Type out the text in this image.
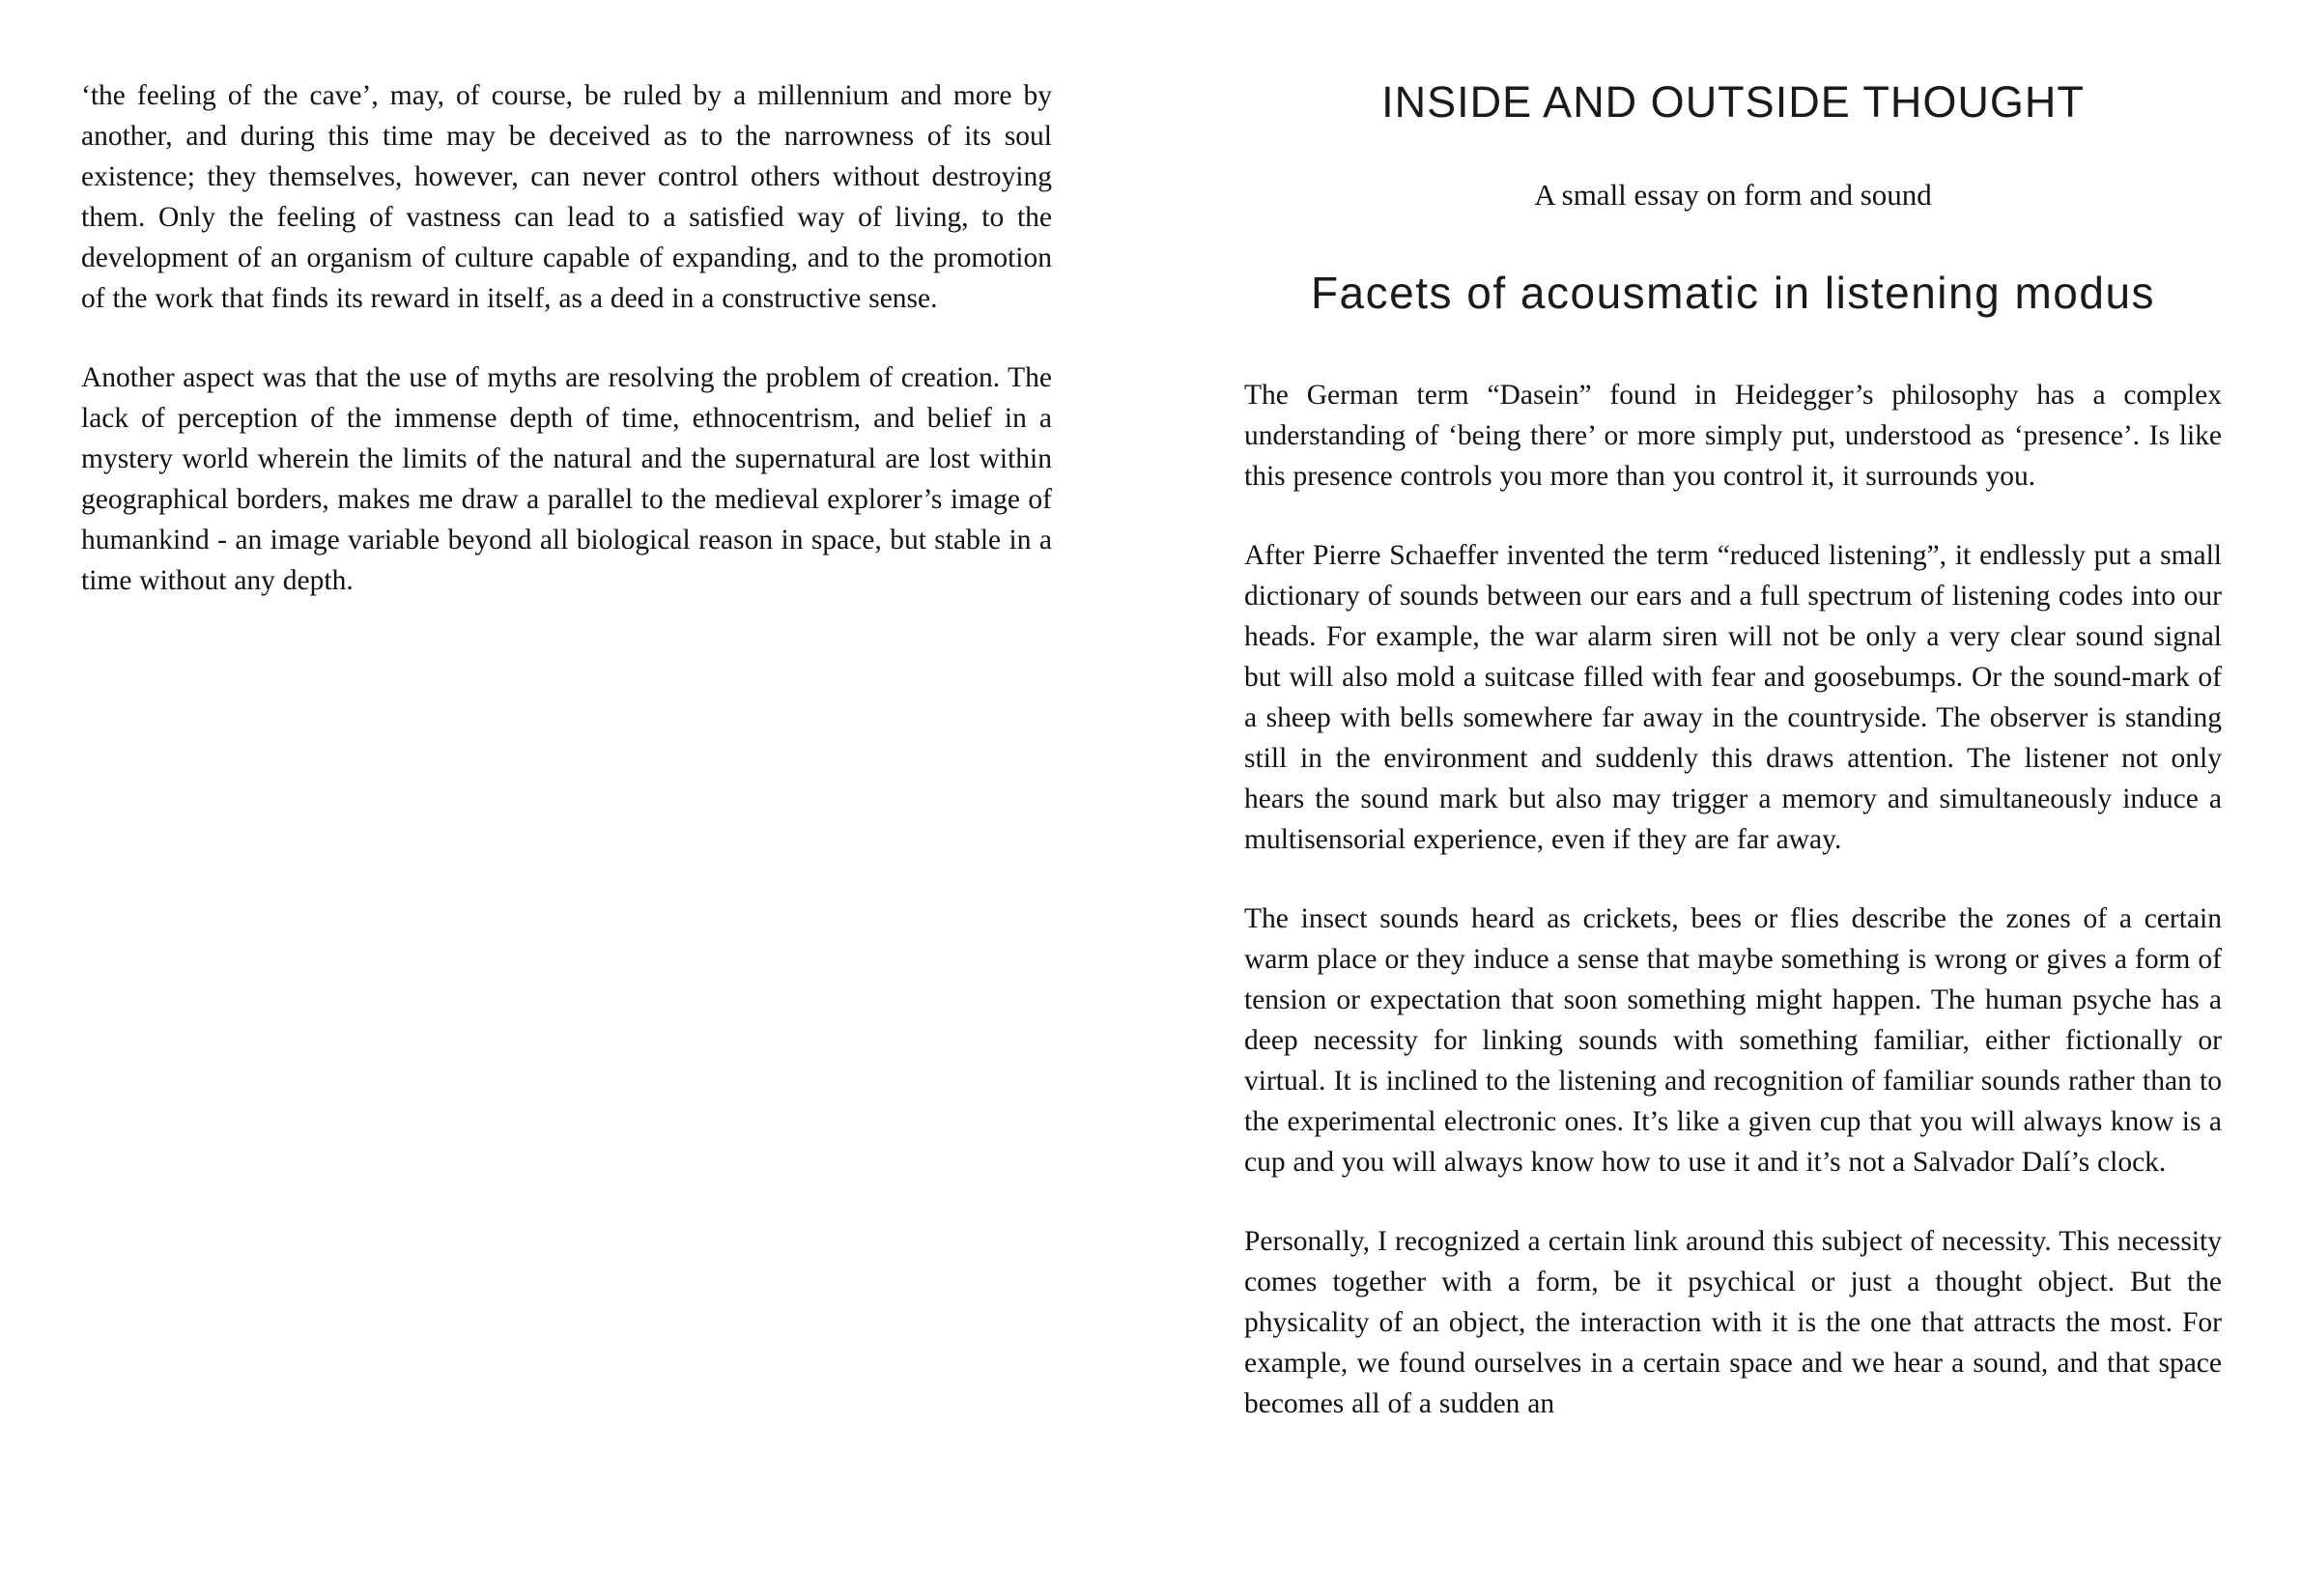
‘the feeling of the cave’, may, of course, be ruled by a millennium and more by another, and during this time may be deceived as to the narrowness of its soul existence; they themselves, however, can never control others without destroying them. Only the feeling of vastness can lead to a satisfied way of living, to the development of an organism of culture capable of expanding, and to the promotion of the work that finds its reward in itself, as a deed in a constructive sense.

Another aspect was that the use of myths are resolving the problem of creation. The lack of perception of the immense depth of time, ethnocentrism, and belief in a mystery world wherein the limits of the natural and the supernatural are lost within geographical borders, makes me draw a parallel to the medieval explorer’s image of humankind - an image variable beyond all biological reason in space, but stable in a time without any depth.

INSIDE AND OUTSIDE THOUGHT
A small essay on form and sound
Facets of acousmatic in listening modus

The German term “Dasein” found in Heidegger’s philosophy has a complex understanding of ‘being there’ or more simply put, understood as ‘presence’. Is like this presence controls you more than you control it, it surrounds you.

After Pierre Schaeffer invented the term “reduced listening”, it endlessly put a small dictionary of sounds between our ears and a full spectrum of listening codes into our heads. For example, the war alarm siren will not be only a very clear sound signal but will also mold a suitcase filled with fear and goosebumps. Or the sound-mark of a sheep with bells somewhere far away in the countryside. The observer is standing still in the environment and suddenly this draws attention. The listener not only hears the sound mark but also may trigger a memory and simultaneously induce a multisensorial experience, even if they are far away.

The insect sounds heard as crickets, bees or flies describe the zones of a certain warm place or they induce a sense that maybe something is wrong or gives a form of tension or expectation that soon something might happen. The human psyche has a deep necessity for linking sounds with something familiar, either fictionally or virtual. It is inclined to the listening and recognition of familiar sounds rather than to the experimental electronic ones. It’s like a given cup that you will always know is a cup and you will always know how to use it and it’s not a Salvador Dalí’s clock.

Personally, I recognized a certain link around this subject of necessity. This necessity comes together with a form, be it psychical or just a thought object. But the physicality of an object, the interaction with it is the one that attracts the most. For example, we found ourselves in a certain space and we hear a sound, and that space becomes all of a sudden an
